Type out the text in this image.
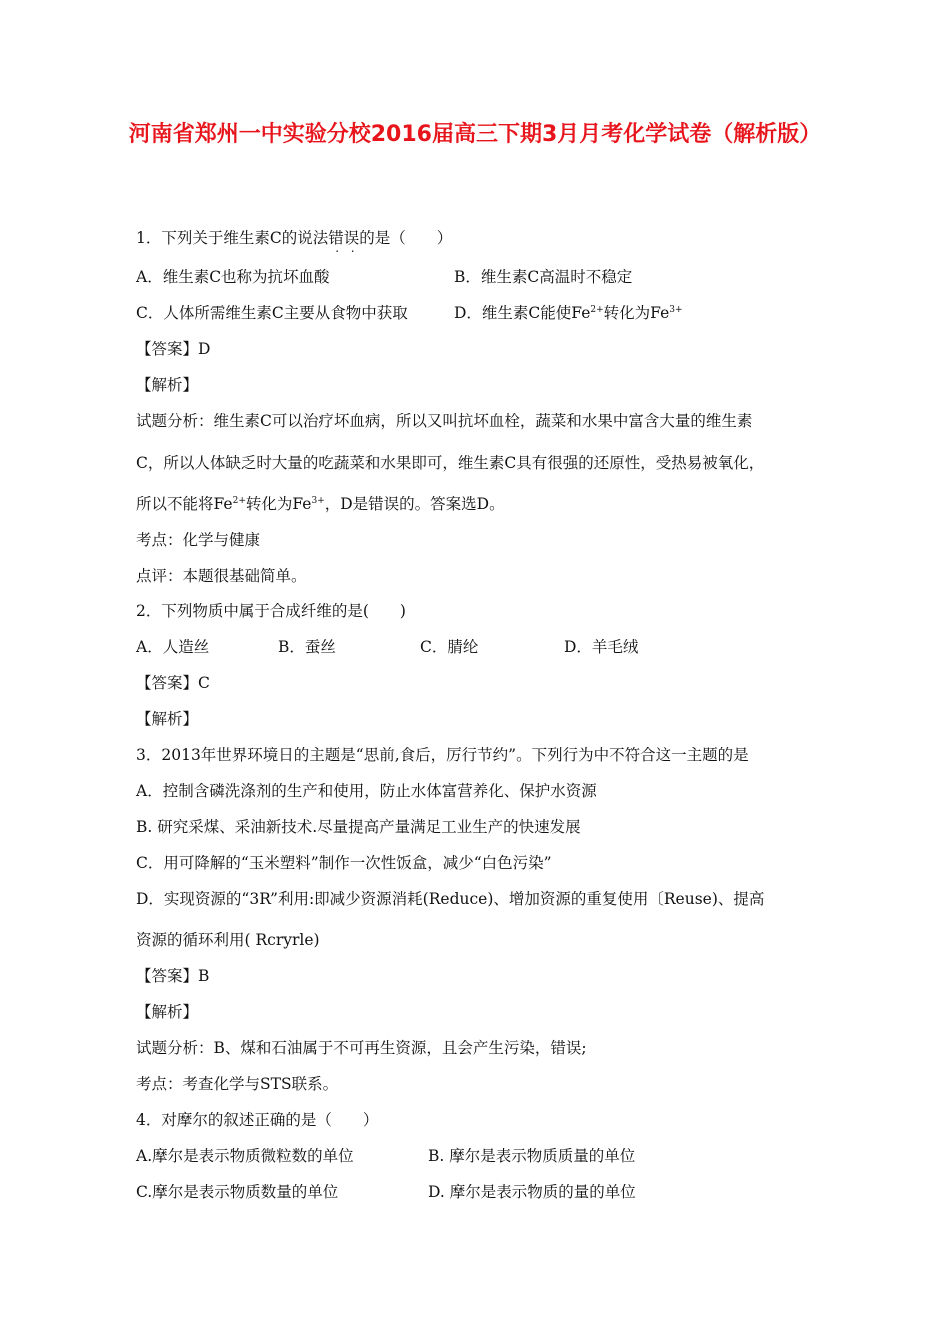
河南省郑州一中实验分校2016届高三下期3月月考化学试卷（解析版）
1．下列关于维生素C的说法错误的是（　　）
A．维生素C也称为抗坏血酸	B．维生素C高温时不稳定
C．人体所需维生素C主要从食物中获取	D．维生素C能使$Fe^{2+}$转化为$Fe^{3+}$
【答案】D
【解析】
试题分析：维生素C可以治疗坏血病，所以又叫抗坏血栓，蔬菜和水果中富含大量的维生素
C，所以人体缺乏时大量的吃蔬菜和水果即可，维生素C具有很强的还原性，受热易被氧化，
所以不能将$Fe^{2+}$转化为$Fe^{3+}$，D是错误的。答案选D。
考点：化学与健康
点评：本题很基础简单。
2．下列物质中属于合成纤维的是(　　)
A．人造丝	B．蚕丝	C．腈纶	D．羊毛绒
【答案】C
【解析】
3．2013年世界环境日的主题是“思前,食后，厉行节约”。下列行为中不符合这一主题的是
A．控制含磷洗涤剂的生产和使用，防止水体富营养化、保护水资源
B. 研究采煤、采油新技术.尽量提高产量满足工业生产的快速发展
C．用可降解的“玉米塑料”制作一次性饭盒，减少“白色污染”
D．实现资源的“3R”利用:即减少资源消耗(Reduce)、增加资源的重复使用〔Reuse)、提高
资源的循环利用( Rcryrle)
【答案】B
【解析】
试题分析：B、煤和石油属于不可再生资源，且会产生污染，错误;
考点：考查化学与STS联系。
4．对摩尔的叙述正确的是（　　）
A.摩尔是表示物质微粒数的单位	B. 摩尔是表示物质质量的单位
C.摩尔是表示物质数量的单位	D. 摩尔是表示物质的量的单位
